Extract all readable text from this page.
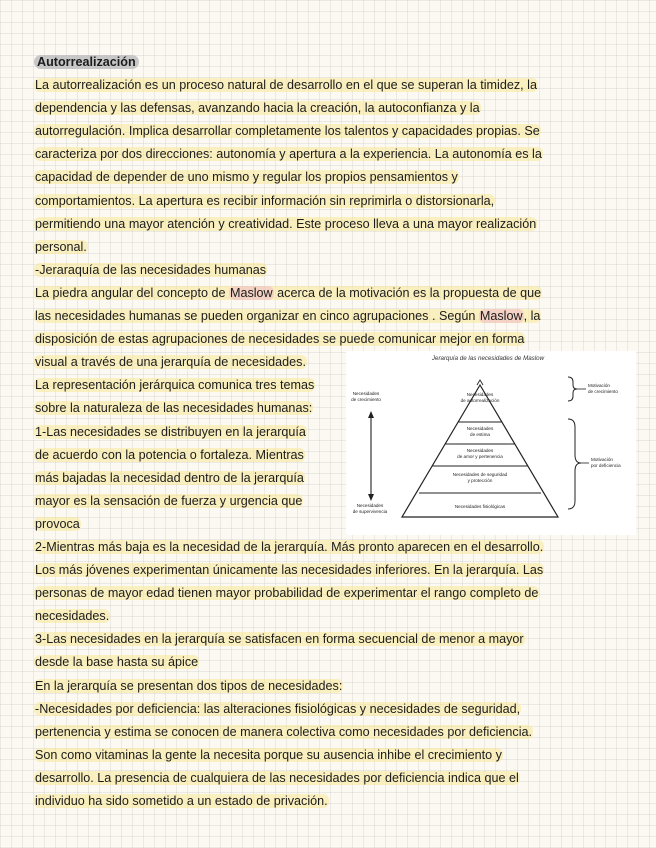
Autorrealización
La autorrealización es un proceso natural de desarrollo en el que se superan la timidez, la
dependencia y las defensas, avanzando hacia la creación, la autoconfianza y la
autorregulación. Implica desarrollar completamente los talentos y capacidades propias. Se
caracteriza por dos direcciones: autonomía y apertura a la experiencia. La autonomía es la
capacidad de depender de uno mismo y regular los propios pensamientos y
comportamientos. La apertura es recibir información sin reprimirla o distorsionarla,
permitiendo una mayor atención y creatividad. Este proceso lleva a una mayor realización
personal.
-Jeraraquía de las necesidades humanas
La piedra angular del concepto de Maslow acerca de la motivación es la propuesta de que
las necesidades humanas se pueden organizar en cinco agrupaciones . Según Maslow, la
disposición de estas agrupaciones de necesidades se puede comunicar mejor en forma
visual a través de una jerarquía de necesidades.
La representación jerárquica comunica tres temas
sobre la naturaleza de las necesidades humanas:
1-Las necesidades se distribuyen en la jerarquía
de acuerdo con la potencia o fortaleza. Mientras
más bajadas la necesidad dentro de la jerarquía
mayor es la sensación de fuerza y urgencia que
provoca
2-Mientras más baja es la necesidad de la jerarquía. Más pronto aparecen en el desarrollo.
Los más jóvenes experimentan únicamente las necesidades inferiores. En la jerarquía. Las
personas de mayor edad tienen mayor probabilidad de experimentar el rango completo de
necesidades.
3-Las necesidades en la jerarquía se satisfacen en forma secuencial de menor a mayor
desde la base hasta su ápice
En la jerarquía se presentan dos tipos de necesidades:
-Necesidades por deficiencia: las alteraciones fisiológicas y necesidades de seguridad,
pertenencia y estima se conocen de manera colectiva como necesidades por deficiencia.
Son como vitaminas la gente la necesita porque su ausencia inhibe el crecimiento y
desarrollo. La presencia de cualquiera de las necesidades por deficiencia indica que el
individuo ha sido sometido a un estado de privación.
Jerarquía de las necesidades de Maslow
Necesidades
de crecimiento
Necesidades
de supervivencia
Necesidades
de autorrealización
Necesidades
de estima
Necesidades
de amor y pertenencia
Necesidades de seguridad
y protección
Necesidades fisiológicas
Motivación
de crecimiento
Motivación
por deficiencia
